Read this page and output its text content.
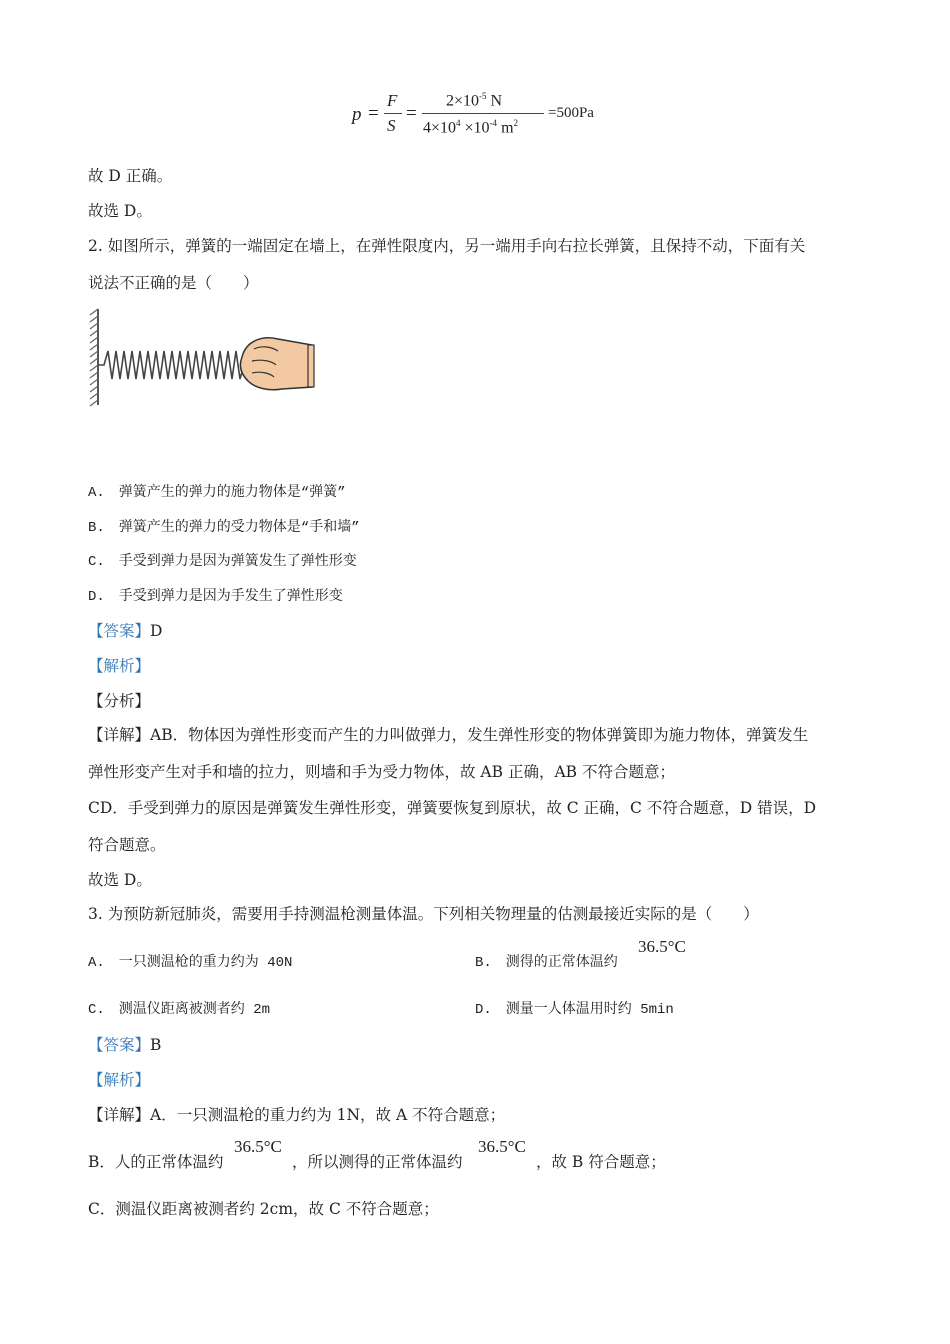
p =
F
S
=
$2\times 10^{-5}$ N
$4\times 10^4 \times 10^{-4}$ $m^2$
=500Pa
故 D 正确。
故选 D。
2. 如图所示，弹簧的一端固定在墙上，在弹性限度内，另一端用手向右拉长弹簧，且保持不动，下面有关
说法不正确的是（　　）
A.　弹簧产生的弹力的施力物体是“弹簧”
B.　弹簧产生的弹力的受力物体是“手和墙”
C.　手受到弹力是因为弹簧发生了弹性形变
D.　手受到弹力是因为手发生了弹性形变
【答案】D
【解析】
【分析】
【详解】AB．物体因为弹性形变而产生的力叫做弹力，发生弹性形变的物体弹簧即为施力物体，弹簧发生
弹性形变产生对手和墙的拉力，则墙和手为受力物体，故 AB 正确，AB 不符合题意；
CD．手受到弹力的原因是弹簧发生弹性形变，弹簧要恢复到原状，故 C 正确，C 不符合题意，D 错误，D
符合题意。
故选 D。
3. 为预防新冠肺炎，需要用手持测温枪测量体温。下列相关物理量的估测最接近实际的是（　　）
A.　一只测温枪的重力约为 40N	B.　测得的正常体温约
36.5°C
C.　测温仪距离被测者约 2m	D.　测量一人体温用时约 5min
【答案】B
【解析】
【详解】A．一只测温枪的重力约为 1N，故 A 不符合题意；
B．人的正常体温约
36.5°C
，所以测得的正常体温约
36.5°C
，故 B 符合题意；
C．测温仪距离被测者约 2cm，故 C 不符合题意；
